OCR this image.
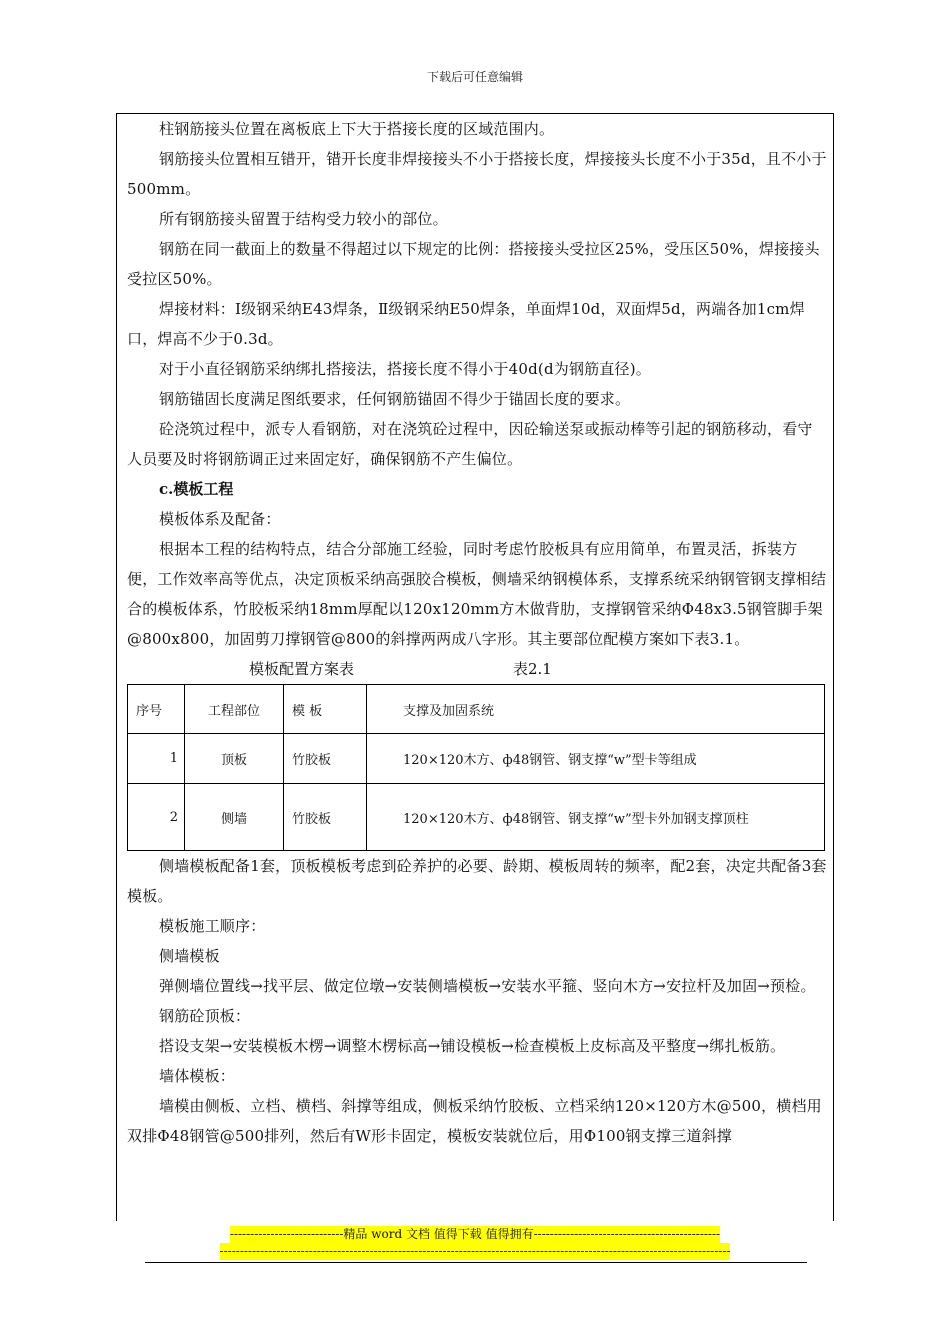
下载后可任意编辑

柱钢筋接头位置在离板底上下大于搭接长度的区域范围内。

钢筋接头位置相互错开，错开长度非焊接接头不小于搭接长度，焊接接头长度不小于35d，且不小于500mm。

所有钢筋接头留置于结构受力较小的部位。

钢筋在同一截面上的数量不得超过以下规定的比例：搭接接头受拉区25%，受压区50%，焊接接头受拉区50%。

焊接材料：Ⅰ级钢采纳E43焊条，Ⅱ级钢采纳E50焊条，单面焊10d，双面焊5d，两端各加1cm焊口，焊高不少于0.3d。

对于小直径钢筋采纳绑扎搭接法，搭接长度不得小于40d(d为钢筋直径)。

钢筋锚固长度满足图纸要求，任何钢筋锚固不得少于锚固长度的要求。

砼浇筑过程中，派专人看钢筋，对在浇筑砼过程中，因砼输送泵或振动棒等引起的钢筋移动，看守人员要及时将钢筋调正过来固定好，确保钢筋不产生偏位。

c.模板工程

模板体系及配备：

根据本工程的结构特点，结合分部施工经验，同时考虑竹胶板具有应用简单，布置灵活，拆装方便，工作效率高等优点，决定顶板采纳高强胶合模板，侧墙采纳钢模体系，支撑系统采纳钢管钢支撑相结合的模板体系，竹胶板采纳18mm厚配以120x120mm方木做背肋，支撑钢管采纳Φ48x3.5钢管脚手架@800x800，加固剪刀撑钢管@800的斜撑两两成八字形。其主要部位配模方案如下表3.1。

模板配置方案表	表2.1
序号	工程部位	模 板	支撑及加固系统
1	顶板	竹胶板	120×120木方、ф48钢管、钢支撑“w”型卡等组成
2	侧墙	竹胶板	120×120木方、ф48钢管、钢支撑“w”型卡外加钢支撑顶柱

侧墙模板配备1套，顶板模板考虑到砼养护的必要、龄期、模板周转的频率，配2套，决定共配备3套模板。

模板施工顺序：

侧墙模板

弹侧墙位置线→找平层、做定位墩→安装侧墙模板→安装水平箍、竖向木方→安拉杆及加固→预检。

钢筋砼顶板：

搭设支架→安装模板木楞→调整木楞标高→铺设模板→检查模板上皮标高及平整度→绑扎板筋。

墙体模板：

墙模由侧板、立档、横档、斜撑等组成，侧板采纳竹胶板、立档采纳120×120方木@500，横档用双排Φ48钢管@500排列，然后有W形卡固定，模板安装就位后，用Φ100钢支撑三道斜撑

----------------------------精品 word 文档 值得下载 值得拥有----------------------------------------------
------------------------------------------------------------------------------------------------------------------------------
